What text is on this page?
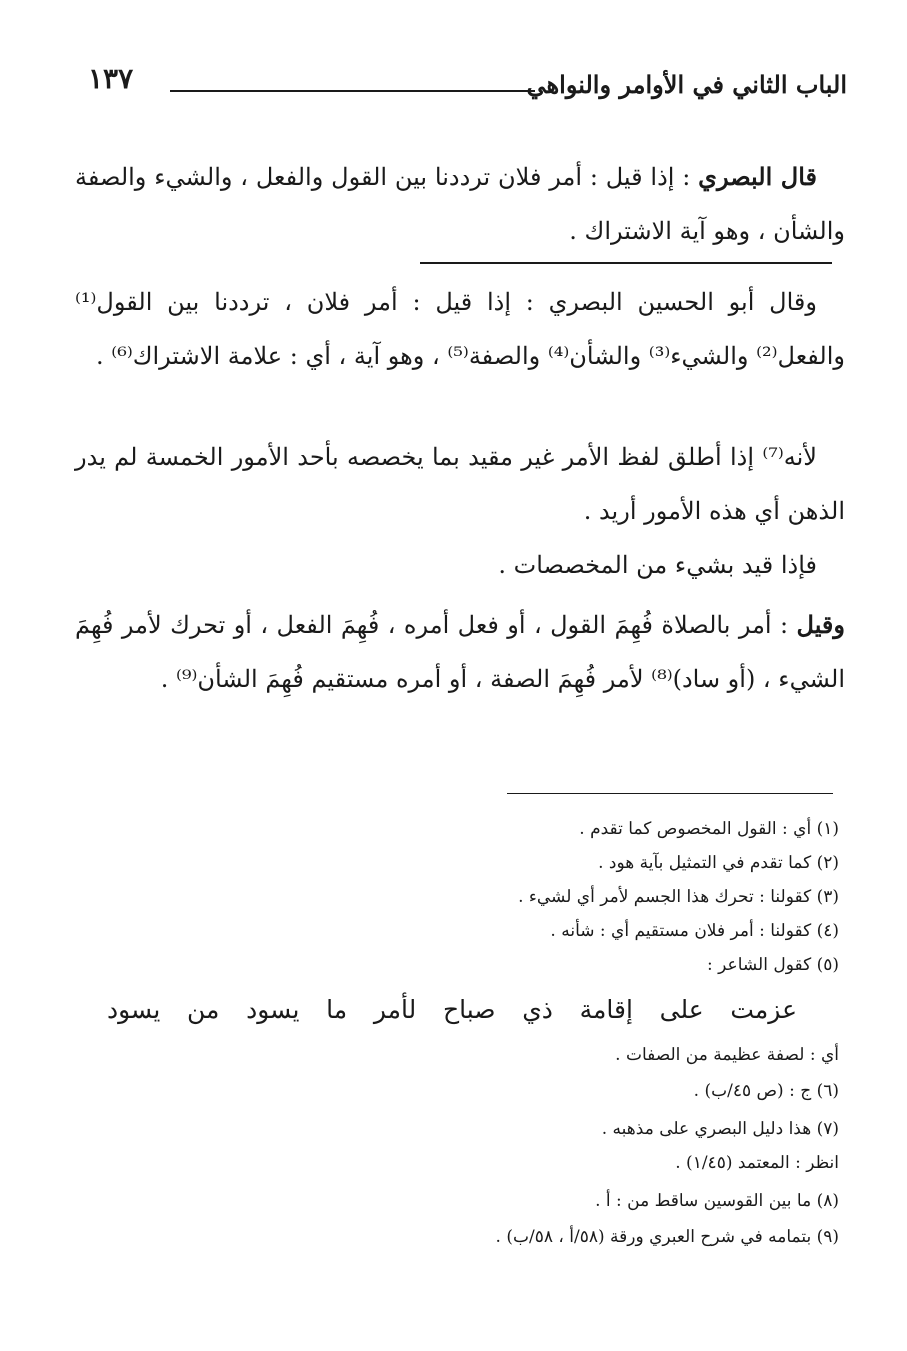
الباب الثاني في الأوامر والنواهي
١٣٧
قال البصري : إذا قيل : أمر فلان ترددنا بين القول والفعل ، والشيء والصفة والشأن ، وهو آية الاشتراك .
وقال أبو الحسين البصري : إذا قيل : أمر فلان ، ترددنا بين القول⁽¹⁾ والفعل⁽²⁾ والشيء⁽³⁾ والشأن⁽⁴⁾ والصفة⁽⁵⁾ ، وهو آية ، أي : علامة الاشتراك⁽⁶⁾ .
لأنه⁽⁷⁾ إذا أطلق لفظ الأمر غير مقيد بما يخصصه بأحد الأمور الخمسة لم يدر الذهن أي هذه الأمور أريد .
فإذا قيد بشيء من المخصصات .
وقيل : أمر بالصلاة فُهِمَ القول ، أو فعل أمره ، فُهِمَ الفعل ، أو تحرك لأمر فُهِمَ الشيء ، (أو ساد)⁽⁸⁾ لأمر فُهِمَ الصفة ، أو أمره مستقيم فُهِمَ الشأن⁽⁹⁾ .
(١) أي : القول المخصوص كما تقدم .
(٢) كما تقدم في التمثيل بآية هود .
(٣) كقولنا : تحرك هذا الجسم لأمر أي لشيء .
(٤) كقولنا : أمر فلان مستقيم أي : شأنه .
(٥) كقول الشاعر :
عزمت على إقامة ذي صباح لأمر ما يسود من يسود
أي : لصفة عظيمة من الصفات .
(٦) ج : (ص ٤٥/ب) .
(٧) هذا دليل البصري على مذهبه .
انظر : المعتمد (١/٤٥) .
(٨) ما بين القوسين ساقط من : أ .
(٩) بتمامه في شرح العبري ورقة (٥٨/أ ، ٥٨/ب) .
